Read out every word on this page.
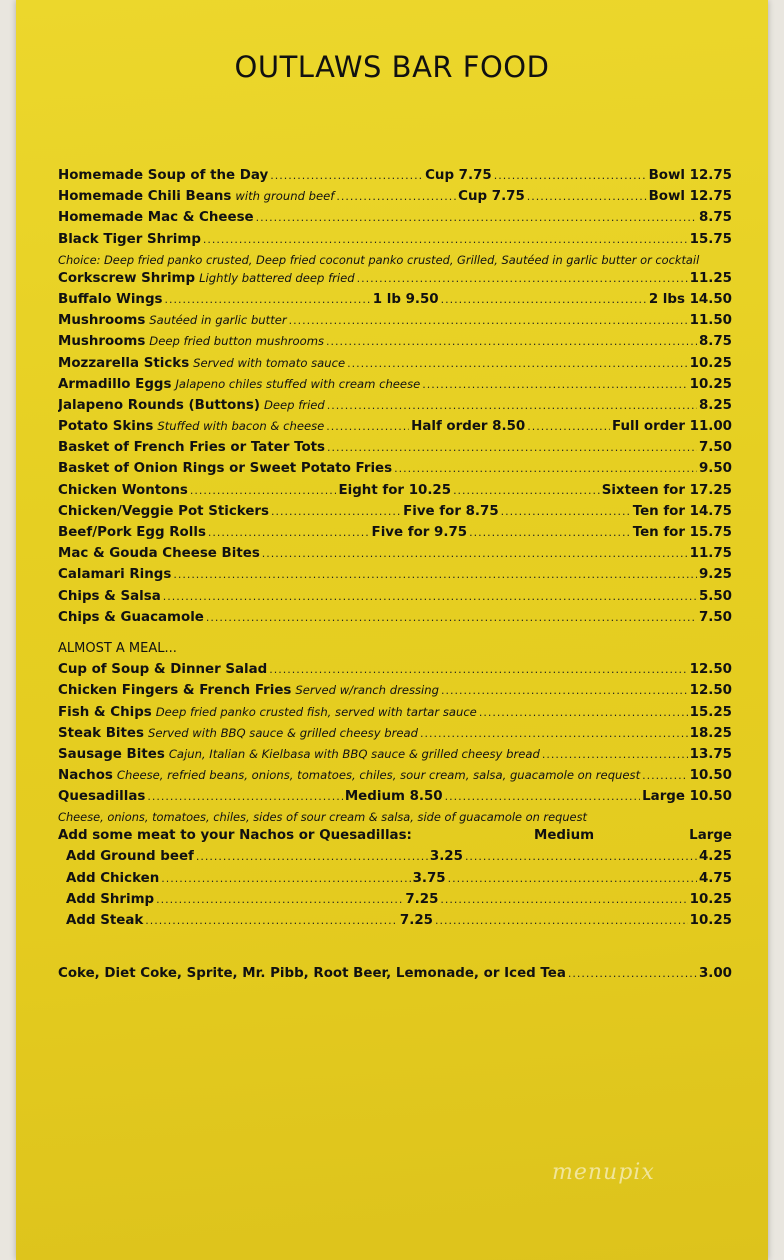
OUTLAWS BAR FOOD
Homemade Soup of the Day .....	Cup 7.75 .....	Bowl 12.75
Homemade Chili Beans with ground beef .....	Cup 7.75 .....	Bowl 12.75
Homemade Mac & Cheese .....	8.75
Black Tiger Shrimp .....	15.75
Choice: Deep fried panko crusted, Deep fried coconut panko crusted, Grilled, Sautéed in garlic butter or cocktail
Corkscrew Shrimp Lightly battered deep fried .....	11.25
Buffalo Wings .....	1 lb 9.50 .....	2 lbs 14.50
Mushrooms Sautéed in garlic butter .....	11.50
Mushrooms Deep fried button mushrooms .....	8.75
Mozzarella Sticks Served with tomato sauce .....	10.25
Armadillo Eggs Jalapeno chiles stuffed with cream cheese .....	10.25
Jalapeno Rounds (Buttons) Deep fried .....	8.25
Potato Skins Stuffed with bacon & cheese .....	Half order 8.50 .....	Full order 11.00
Basket of French Fries or Tater Tots .....	7.50
Basket of Onion Rings or Sweet Potato Fries .....	9.50
Chicken Wontons .....	Eight for 10.25 .....	Sixteen for 17.25
Chicken/Veggie Pot Stickers .....	Five for 8.75 .....	Ten for 14.75
Beef/Pork Egg Rolls .....	Five for 9.75 .....	Ten for 15.75
Mac & Gouda Cheese Bites .....	11.75
Calamari Rings .....	9.25
Chips & Salsa .....	5.50
Chips & Guacamole .....	7.50
ALMOST A MEAL...
Cup of Soup & Dinner Salad .....	12.50
Chicken Fingers & French Fries Served w/ranch dressing .....	12.50
Fish & Chips Deep fried panko crusted fish, served with tartar sauce .....	15.25
Steak Bites Served with BBQ sauce & grilled cheesy bread .....	18.25
Sausage Bites Cajun, Italian & Kielbasa with BBQ sauce & grilled cheesy bread .....	13.75
Nachos Cheese, refried beans, onions, tomatoes, chiles, sour cream, salsa, guacamole on request .....	10.50
Quesadillas .....	Medium 8.50 .....	Large 10.50
Cheese, onions, tomatoes, chiles, sides of sour cream & salsa, side of guacamole on request
Add some meat to your Nachos or Quesadillas:	Medium	Large
Add Ground beef .....	3.25 .....	4.25
Add Chicken .....	3.75 .....	4.75
Add Shrimp .....	7.25 .....	10.25
Add Steak .....	7.25 .....	10.25
Coke, Diet Coke, Sprite, Mr. Pibb, Root Beer, Lemonade, or Iced Tea .....	3.00
menupix
